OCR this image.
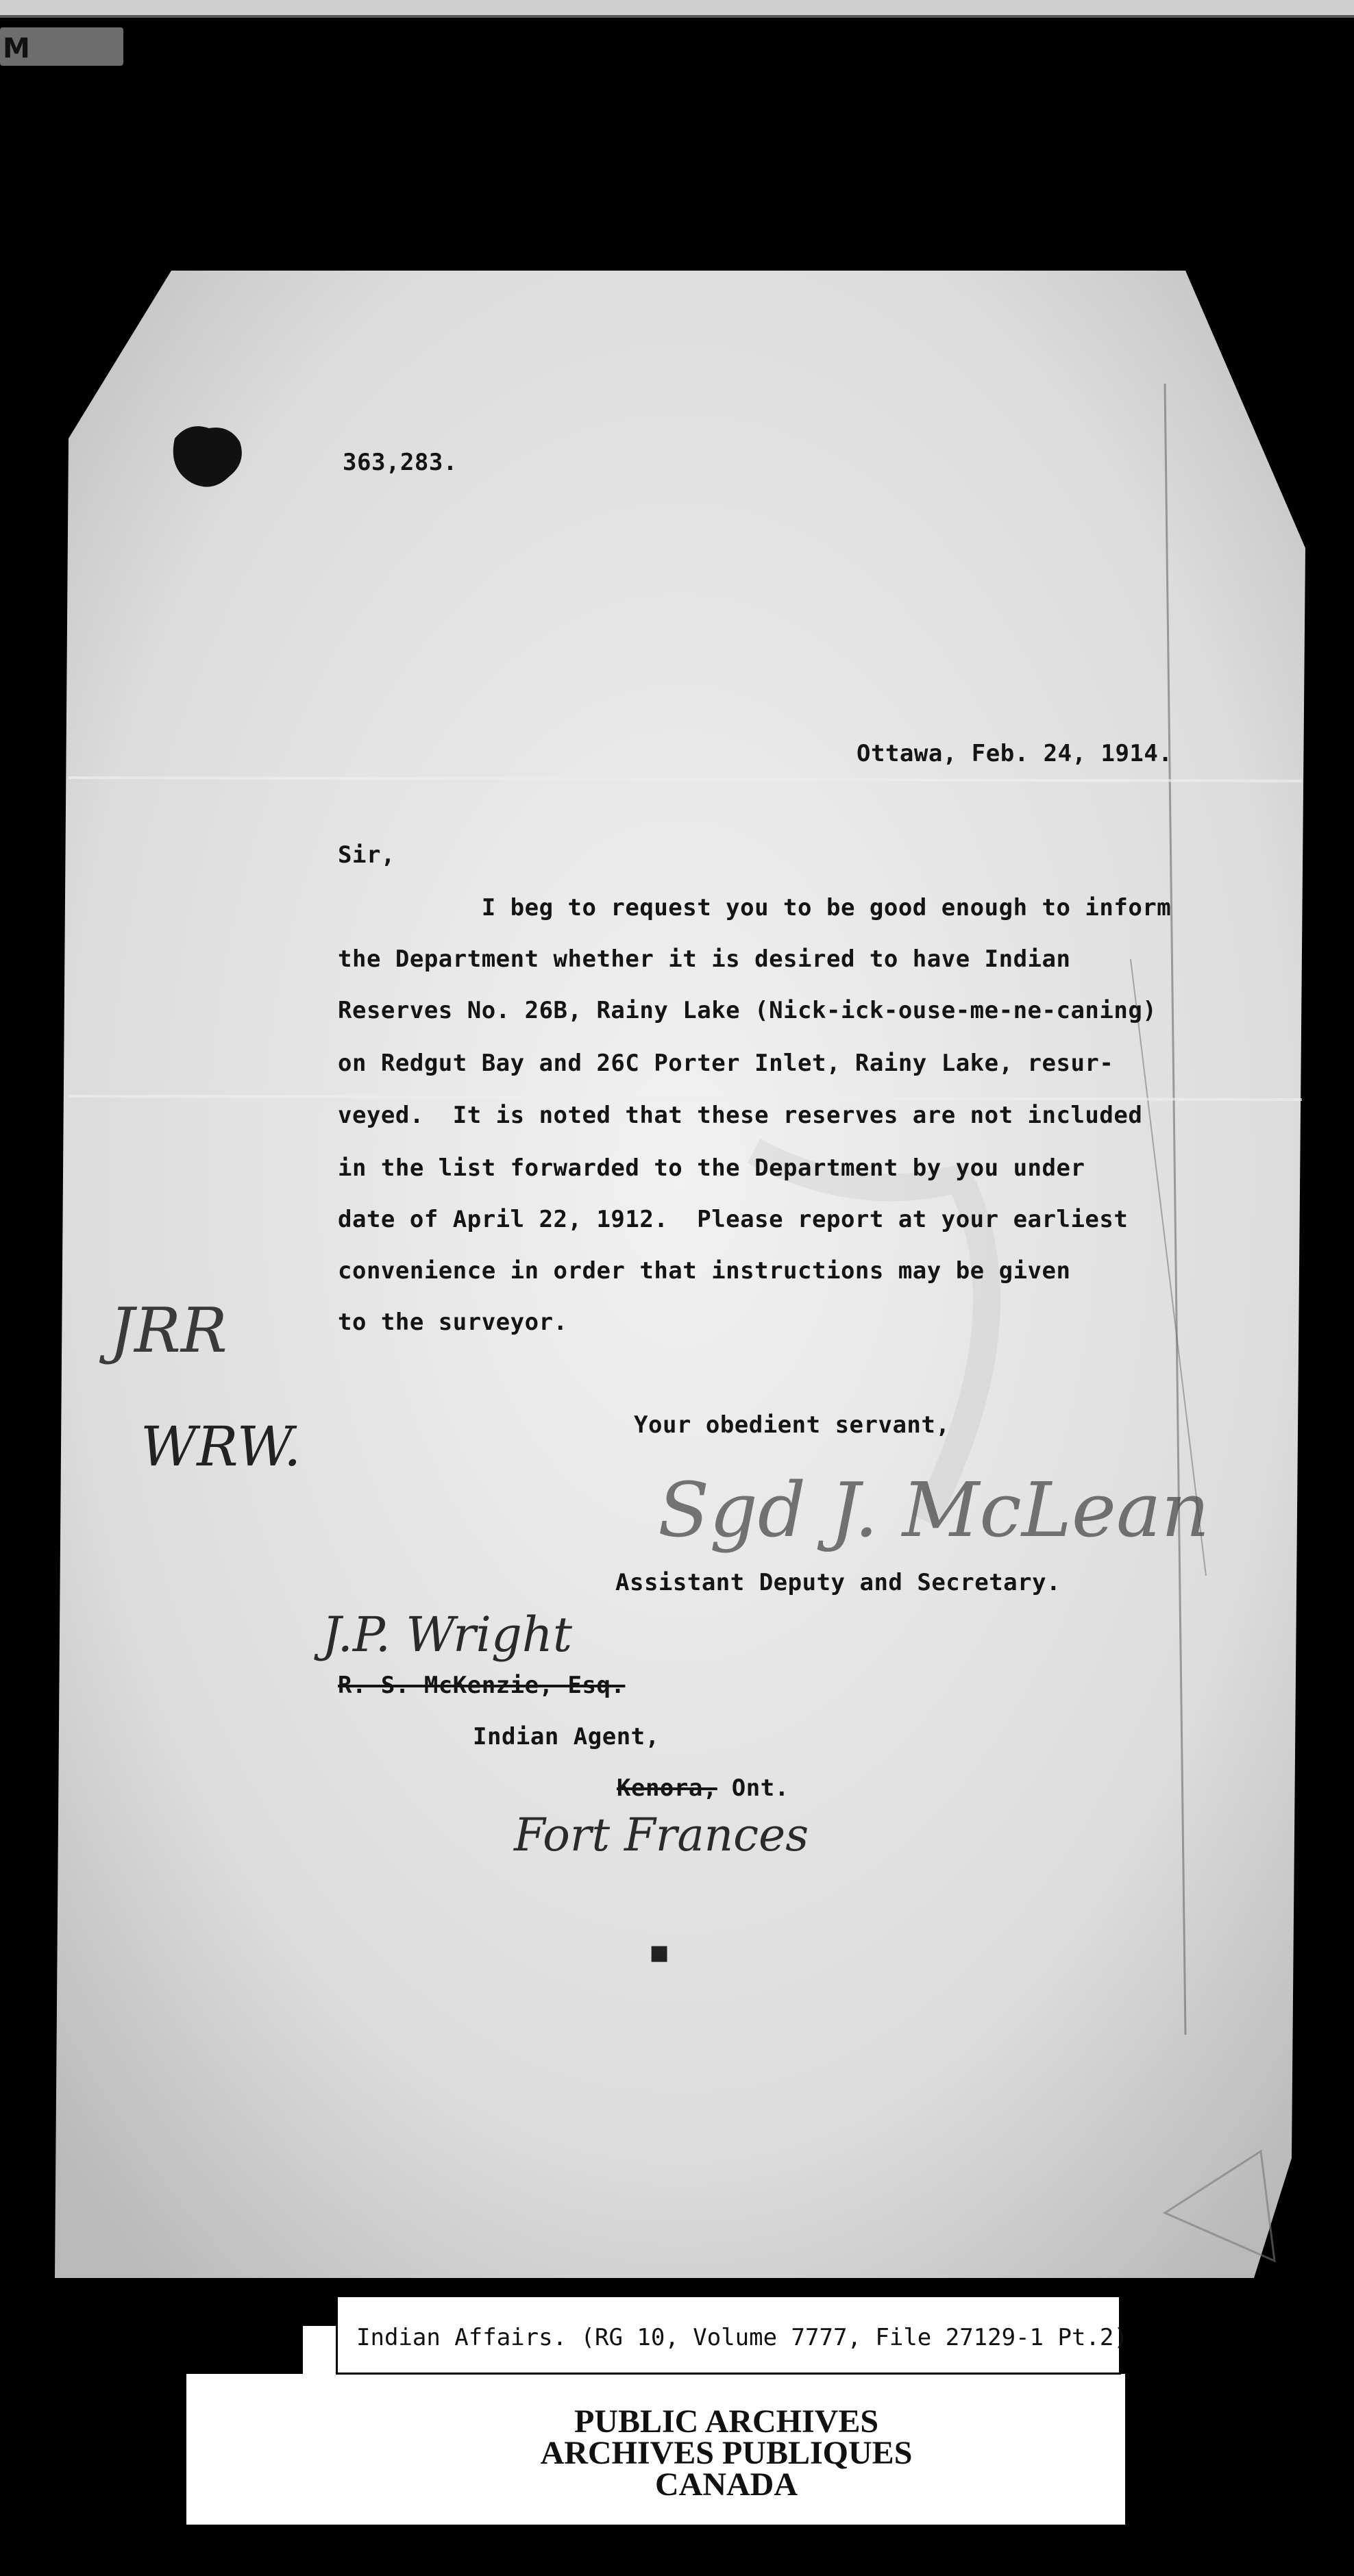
M
■
363,283.
Ottawa, Feb. 24, 1914.
Sir,
I beg to request you to be good enough to inform
the Department whether it is desired to have Indian
Reserves No. 26B, Rainy Lake (Nick-ick-ouse-me-ne-caning)
on Redgut Bay and 26C Porter Inlet, Rainy Lake, resur-
veyed.  It is noted that these reserves are not included
in the list forwarded to the Department by you under
date of April 22, 1912.  Please report at your earliest
convenience in order that instructions may be given
to the surveyor.
Your obedient servant,
Sgd J. McLean
Assistant Deputy and Secretary.
J.P. Wright
R. S. McKenzie, Esq.
Indian Agent,
Kenora, Ont.
Fort Frances
JRR
WRW.
Indian Affairs. (RG 10, Volume 7777, File 27129-1 Pt.2)
PUBLIC ARCHIVES
ARCHIVES PUBLIQUES
CANADA
